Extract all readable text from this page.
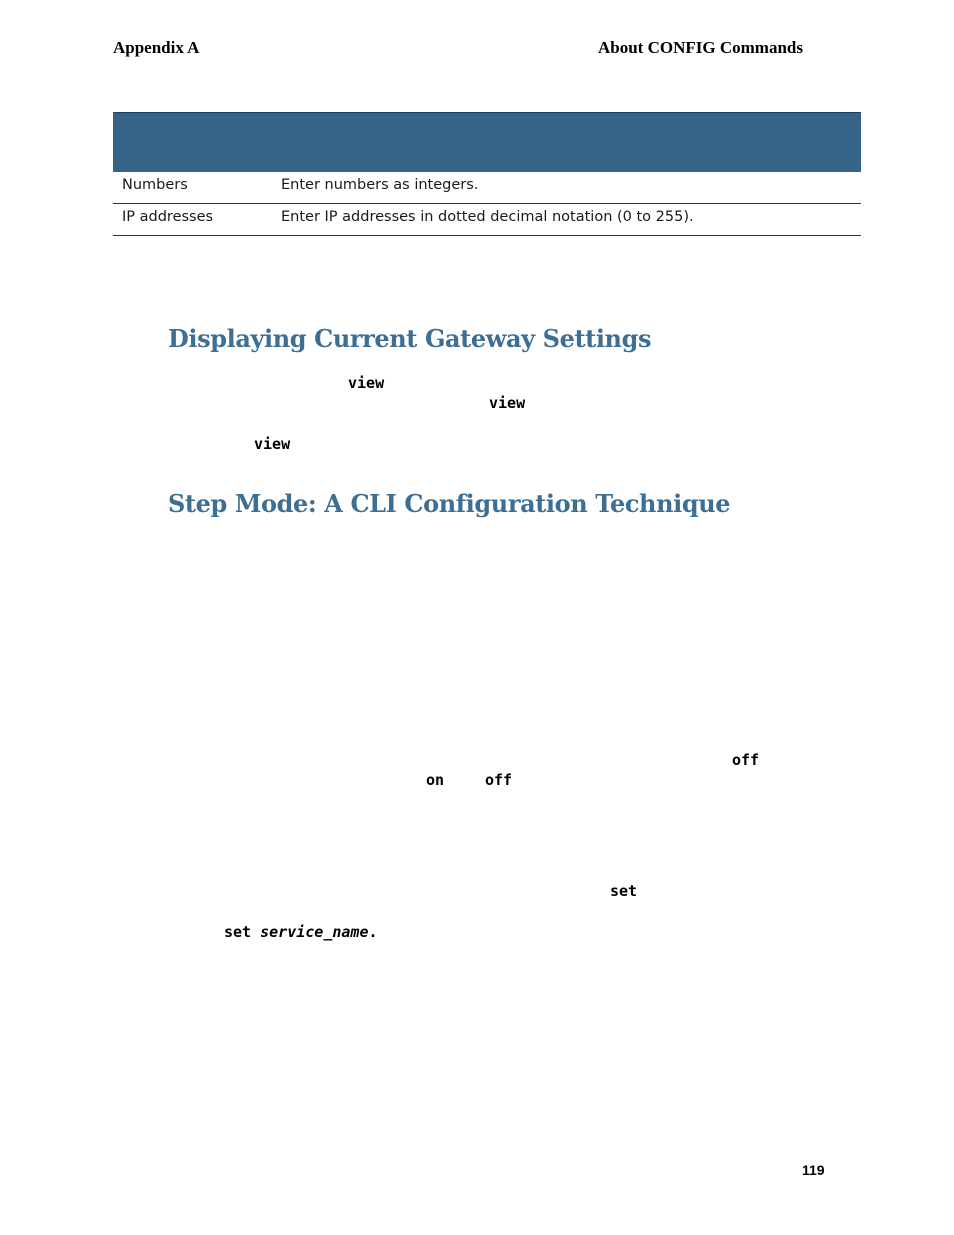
Appendix A	About CONFIG Commands
Numbers	Enter numbers as integers.
IP addresses	Enter IP addresses in dotted decimal notation (0 to 255).
Displaying Current Gateway Settings
view
view
view
Step Mode: A CLI Configuration Technique
off
on	off
set
set service_name.
119
